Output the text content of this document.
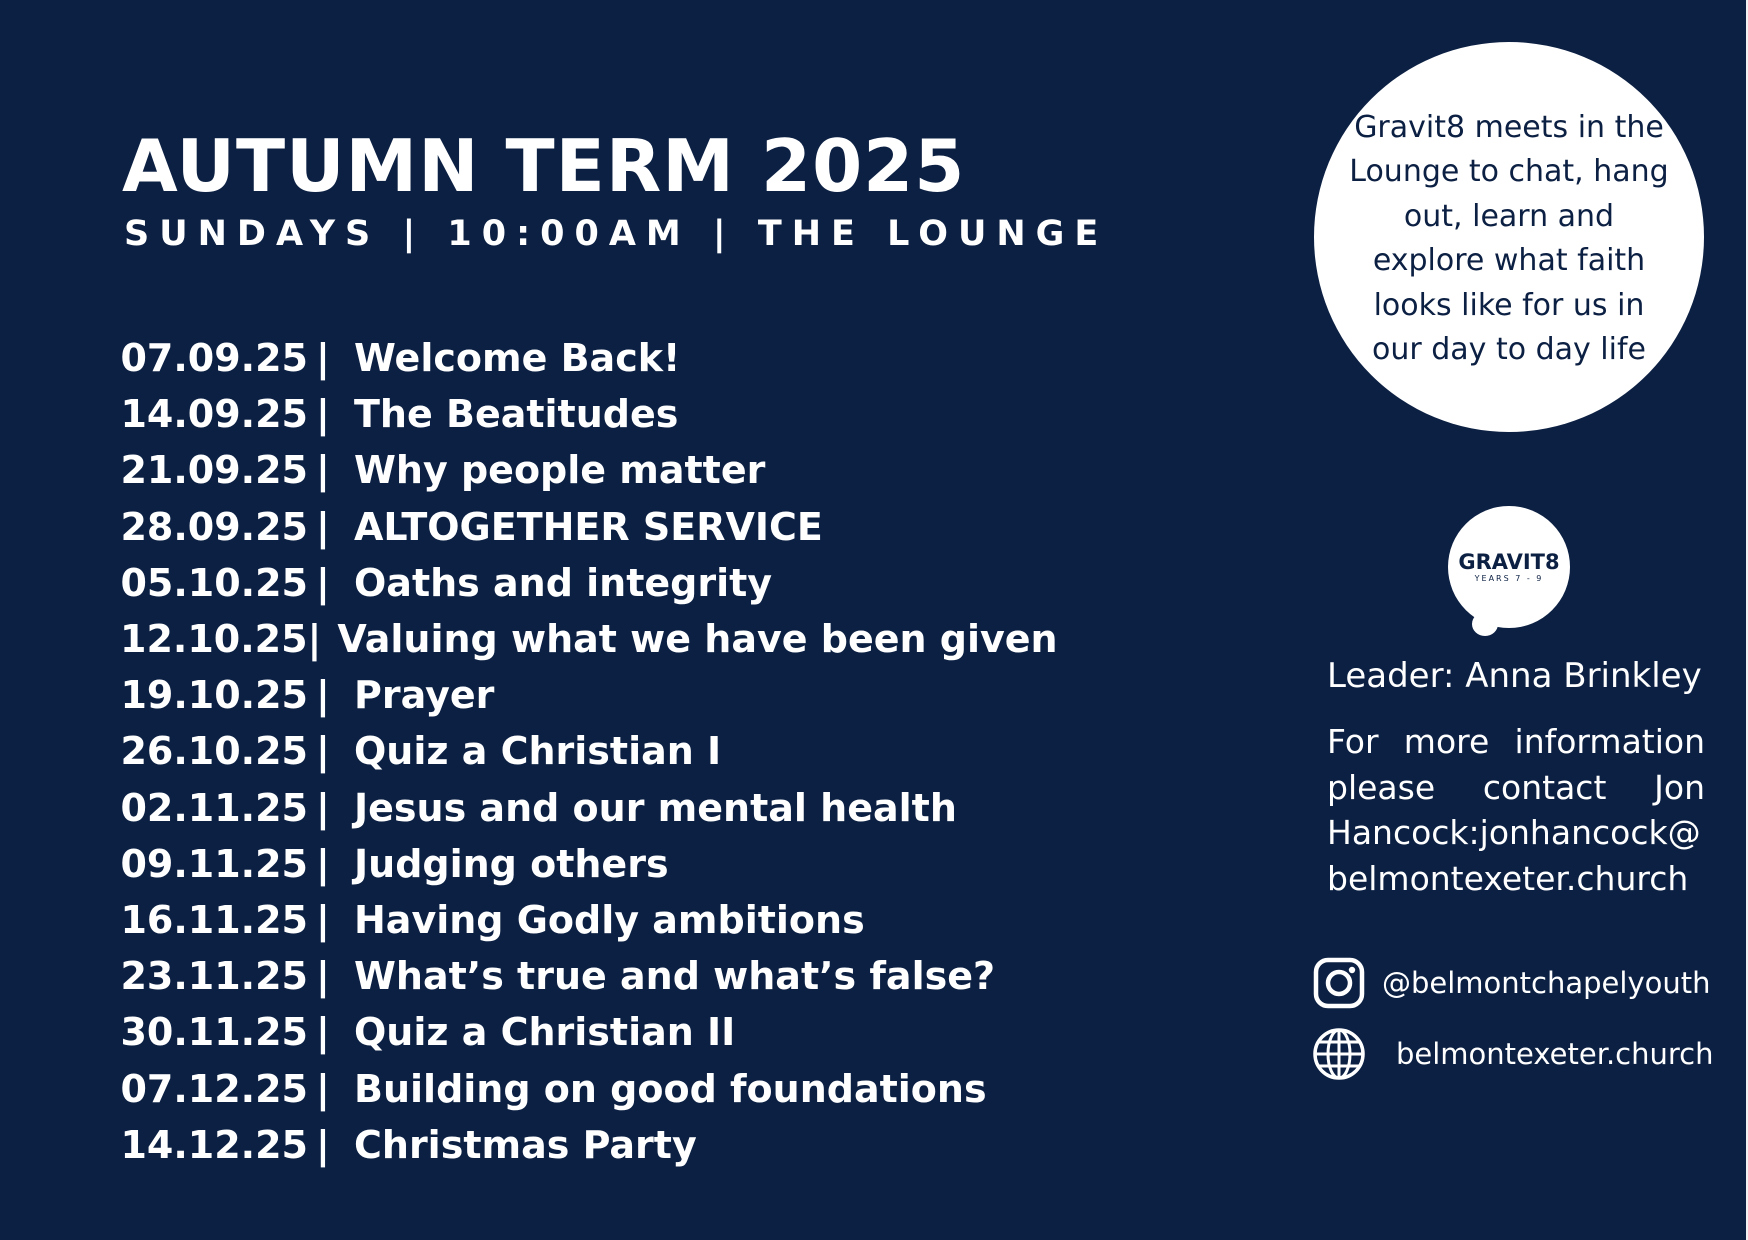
AUTUMN TERM 2025
SUNDAYS | 10:00AM | THE LOUNGE
07.09.25 | Welcome Back!
14.09.25 | The Beatitudes
21.09.25 | Why people matter
28.09.25 | ALTOGETHER SERVICE
05.10.25 | Oaths and integrity
12.10.25 | Valuing what we have been given
19.10.25 | Prayer
26.10.25 | Quiz a Christian I
02.11.25 | Jesus and our mental health
09.11.25 | Judging others
16.11.25 | Having Godly ambitions
23.11.25 | What’s true and what’s false?
30.11.25 | Quiz a Christian II
07.12.25 | Building on good foundations
14.12.25 | Christmas Party
Gravit8 meets in the Lounge to chat, hang out, learn and explore what faith looks like for us in our day to day life
GRAVIT8
YEARS 7 - 9
Leader: Anna Brinkley
For more information please contact Jon Hancock:jonhancock@ belmontexeter.church
@belmontchapelyouth
belmontexeter.church
